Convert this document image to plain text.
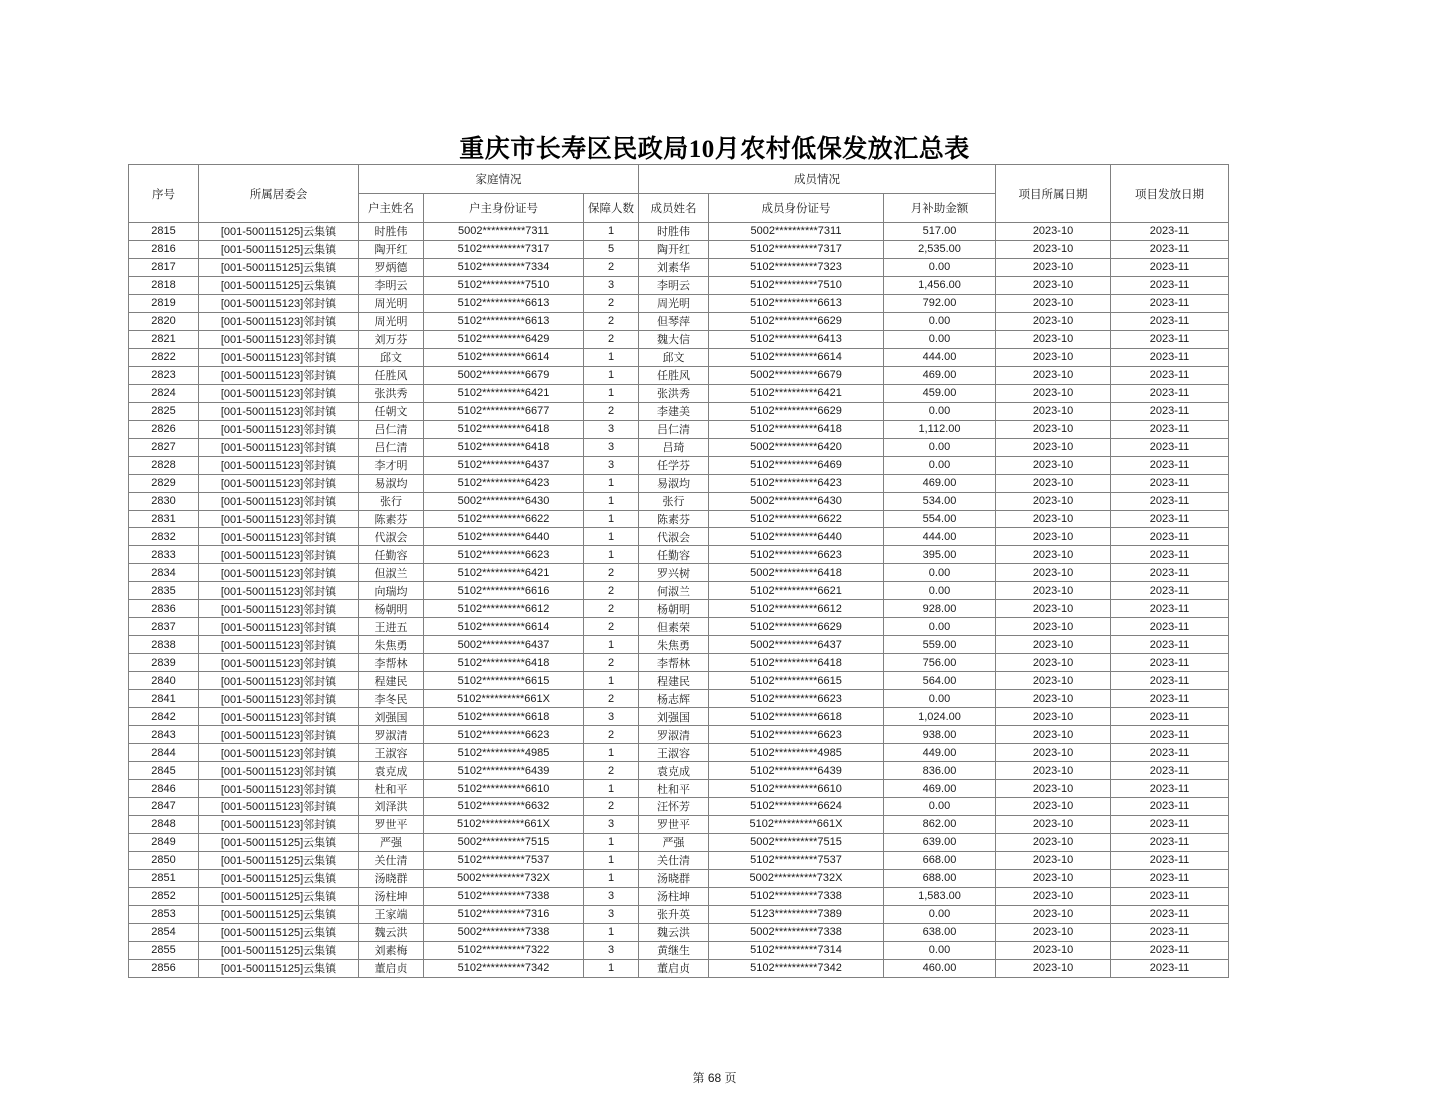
重庆市长寿区民政局10月农村低保发放汇总表
序号	所属居委会	家庭情况			成员情况			项目所属日期	项目发放日期
		户主姓名	户主身份证号	保障人数	成员姓名	成员身份证号	月补助金额		
2815	[001-500115125]云集镇	时胜伟	5002**********7311	1	时胜伟	5002**********7311	517.00	2023-10	2023-11
2816	[001-500115125]云集镇	陶开红	5102**********7317	5	陶开红	5102**********7317	2,535.00	2023-10	2023-11
2817	[001-500115125]云集镇	罗炳德	5102**********7334	2	刘素华	5102**********7323	0.00	2023-10	2023-11
2818	[001-500115125]云集镇	李明云	5102**********7510	3	李明云	5102**********7510	1,456.00	2023-10	2023-11
2819	[001-500115123]邻封镇	周光明	5102**********6613	2	周光明	5102**********6613	792.00	2023-10	2023-11
2820	[001-500115123]邻封镇	周光明	5102**********6613	2	但琴萍	5102**********6629	0.00	2023-10	2023-11
2821	[001-500115123]邻封镇	刘万芬	5102**********6429	2	魏大信	5102**********6413	0.00	2023-10	2023-11
2822	[001-500115123]邻封镇	邱文	5102**********6614	1	邱文	5102**********6614	444.00	2023-10	2023-11
2823	[001-500115123]邻封镇	任胜风	5002**********6679	1	任胜风	5002**********6679	469.00	2023-10	2023-11
2824	[001-500115123]邻封镇	张洪秀	5102**********6421	1	张洪秀	5102**********6421	459.00	2023-10	2023-11
2825	[001-500115123]邻封镇	任朝文	5102**********6677	2	李建美	5102**********6629	0.00	2023-10	2023-11
2826	[001-500115123]邻封镇	吕仁清	5102**********6418	3	吕仁清	5102**********6418	1,112.00	2023-10	2023-11
2827	[001-500115123]邻封镇	吕仁清	5102**********6418	3	吕琦	5002**********6420	0.00	2023-10	2023-11
2828	[001-500115123]邻封镇	李才明	5102**********6437	3	任学芬	5102**********6469	0.00	2023-10	2023-11
2829	[001-500115123]邻封镇	易淑均	5102**********6423	1	易淑均	5102**********6423	469.00	2023-10	2023-11
2830	[001-500115123]邻封镇	张行	5002**********6430	1	张行	5002**********6430	534.00	2023-10	2023-11
2831	[001-500115123]邻封镇	陈素芬	5102**********6622	1	陈素芬	5102**********6622	554.00	2023-10	2023-11
2832	[001-500115123]邻封镇	代淑会	5102**********6440	1	代淑会	5102**********6440	444.00	2023-10	2023-11
2833	[001-500115123]邻封镇	任勤容	5102**********6623	1	任勤容	5102**********6623	395.00	2023-10	2023-11
2834	[001-500115123]邻封镇	但淑兰	5102**********6421	2	罗兴树	5002**********6418	0.00	2023-10	2023-11
2835	[001-500115123]邻封镇	向瑞均	5102**********6616	2	何淑兰	5102**********6621	0.00	2023-10	2023-11
2836	[001-500115123]邻封镇	杨朝明	5102**********6612	2	杨朝明	5102**********6612	928.00	2023-10	2023-11
2837	[001-500115123]邻封镇	王进五	5102**********6614	2	但素荣	5102**********6629	0.00	2023-10	2023-11
2838	[001-500115123]邻封镇	朱焦勇	5002**********6437	1	朱焦勇	5002**********6437	559.00	2023-10	2023-11
2839	[001-500115123]邻封镇	李帮林	5102**********6418	2	李帮林	5102**********6418	756.00	2023-10	2023-11
2840	[001-500115123]邻封镇	程建民	5102**********6615	1	程建民	5102**********6615	564.00	2023-10	2023-11
2841	[001-500115123]邻封镇	李冬民	5102**********661X	2	杨志辉	5102**********6623	0.00	2023-10	2023-11
2842	[001-500115123]邻封镇	刘强国	5102**********6618	3	刘强国	5102**********6618	1,024.00	2023-10	2023-11
2843	[001-500115123]邻封镇	罗淑清	5102**********6623	2	罗淑清	5102**********6623	938.00	2023-10	2023-11
2844	[001-500115123]邻封镇	王淑容	5102**********4985	1	王淑容	5102**********4985	449.00	2023-10	2023-11
2845	[001-500115123]邻封镇	袁克成	5102**********6439	2	袁克成	5102**********6439	836.00	2023-10	2023-11
2846	[001-500115123]邻封镇	杜和平	5102**********6610	1	杜和平	5102**********6610	469.00	2023-10	2023-11
2847	[001-500115123]邻封镇	刘泽洪	5102**********6632	2	汪怀芳	5102**********6624	0.00	2023-10	2023-11
2848	[001-500115123]邻封镇	罗世平	5102**********661X	3	罗世平	5102**********661X	862.00	2023-10	2023-11
2849	[001-500115125]云集镇	严强	5002**********7515	1	严强	5002**********7515	639.00	2023-10	2023-11
2850	[001-500115125]云集镇	关仕清	5102**********7537	1	关仕清	5102**********7537	668.00	2023-10	2023-11
2851	[001-500115125]云集镇	汤晓群	5002**********732X	1	汤晓群	5002**********732X	688.00	2023-10	2023-11
2852	[001-500115125]云集镇	汤柱坤	5102**********7338	3	汤柱坤	5102**********7338	1,583.00	2023-10	2023-11
2853	[001-500115125]云集镇	王家端	5102**********7316	3	张升英	5123**********7389	0.00	2023-10	2023-11
2854	[001-500115125]云集镇	魏云洪	5002**********7338	1	魏云洪	5002**********7338	638.00	2023-10	2023-11
2855	[001-500115125]云集镇	刘素梅	5102**********7322	3	黄继生	5102**********7314	0.00	2023-10	2023-11
2856	[001-500115125]云集镇	董启贞	5102**********7342	1	董启贞	5102**********7342	460.00	2023-10	2023-11
第 68 页
